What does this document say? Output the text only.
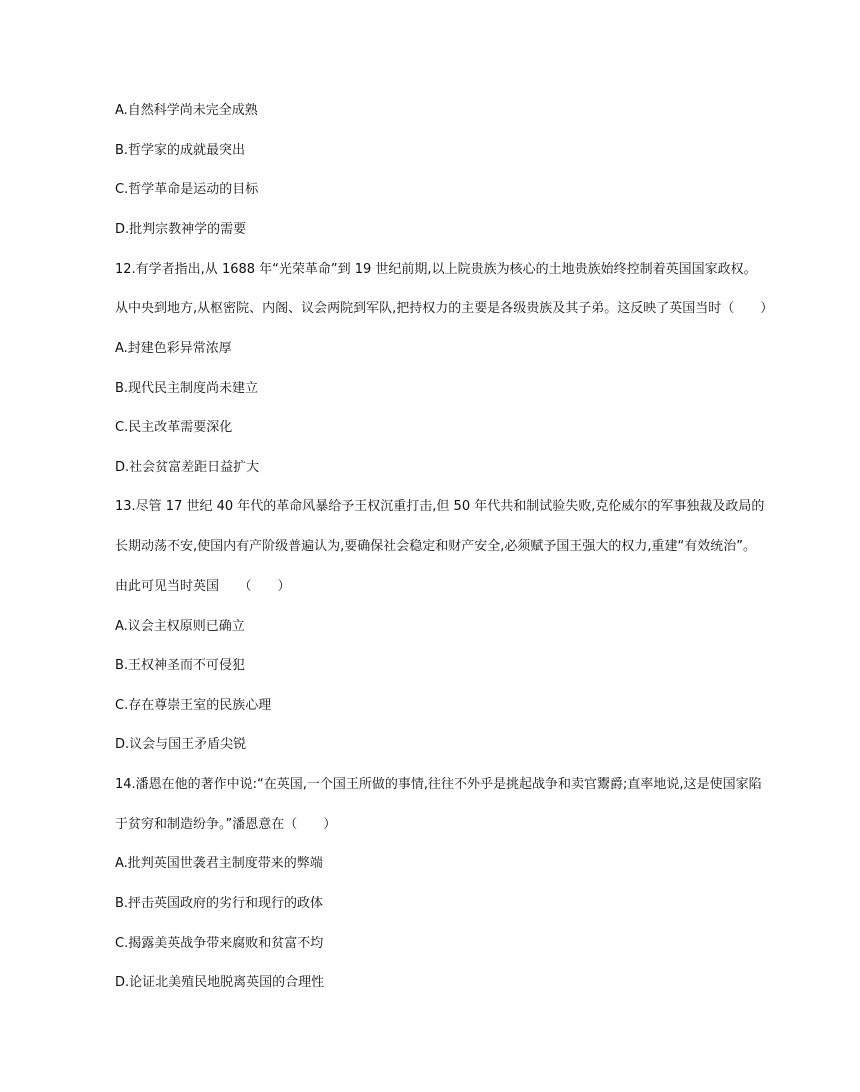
A.自然科学尚未完全成熟
B.哲学家的成就最突出
C.哲学革命是运动的目标
D.批判宗教神学的需要
12.有学者指出,从 1688 年“光荣革命”到 19 世纪前期,以上院贵族为核心的土地贵族始终控制着英国国家政权。
从中央到地方,从枢密院、内阁、议会两院到军队,把持权力的主要是各级贵族及其子弟。这反映了英国当时（　　）
A.封建色彩异常浓厚
B.现代民主制度尚未建立
C.民主改革需要深化
D.社会贫富差距日益扩大
13.尽管 17 世纪 40 年代的革命风暴给予王权沉重打击,但 50 年代共和制试验失败,克伦威尔的军事独裁及政局的
长期动荡不安,使国内有产阶级普遍认为,要确保社会稳定和财产安全,必须赋予国王强大的权力,重建“有效统治”。
由此可见当时英国　　（　　）
A.议会主权原则已确立
B.王权神圣而不可侵犯
C.存在尊崇王室的民族心理
D.议会与国王矛盾尖锐
14.潘恩在他的著作中说:“在英国,一个国王所做的事情,往往不外乎是挑起战争和卖官鬻爵;直率地说,这是使国家陷
于贫穷和制造纷争。”潘恩意在（　　）
A.批判英国世袭君主制度带来的弊端
B.抨击英国政府的劣行和现行的政体
C.揭露美英战争带来腐败和贫富不均
D.论证北美殖民地脱离英国的合理性
